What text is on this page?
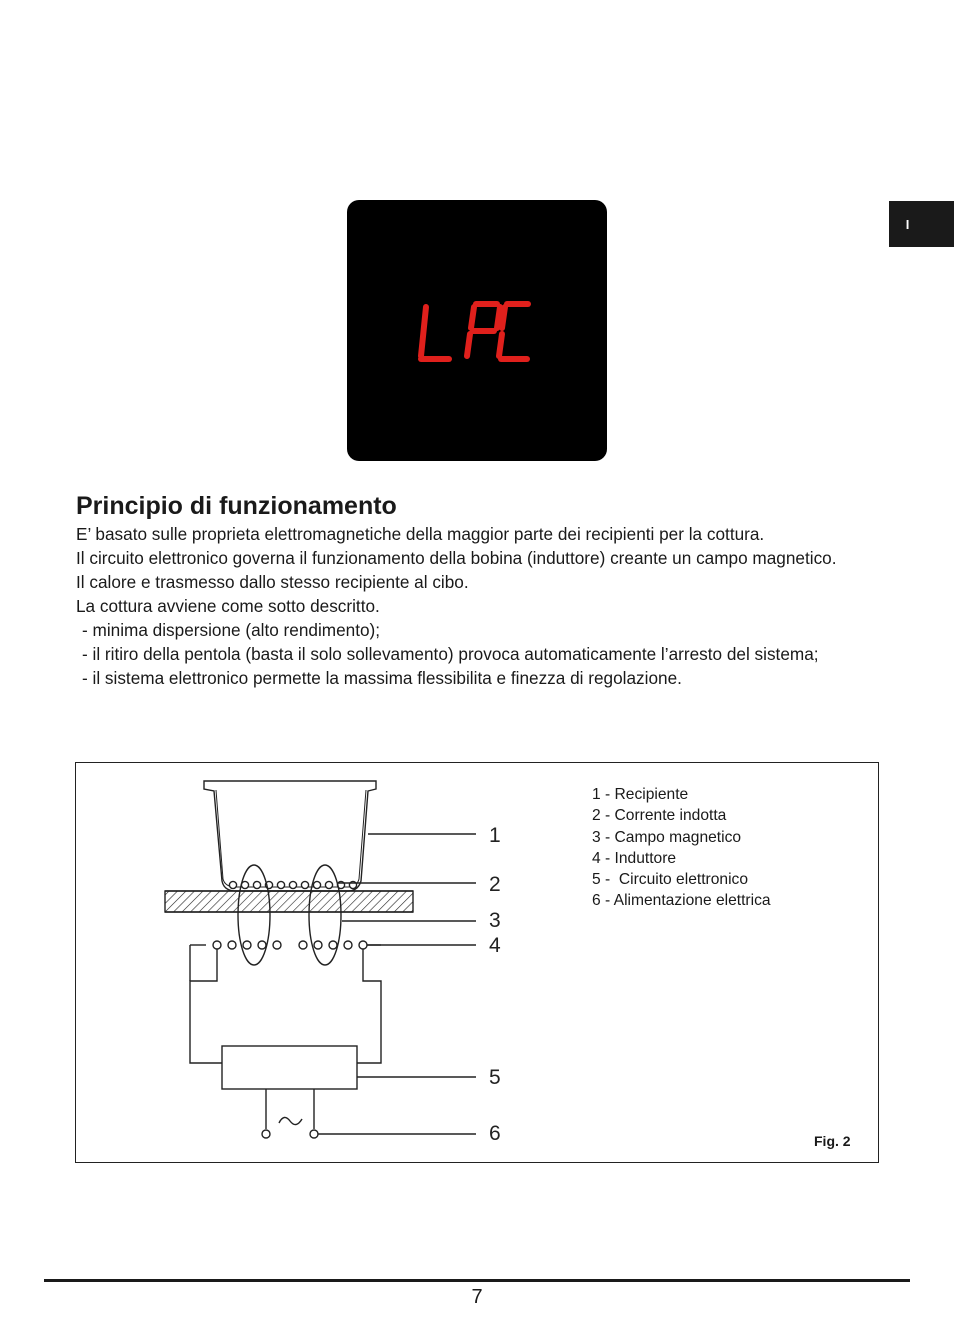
I
Principio di funzionamento

E’ basato sulle proprieta elettromagnetiche della maggior parte dei recipienti per la cottura.

Il circuito elettronico governa il funzionamento della bobina (induttore) creante un campo magnetico.

Il calore e trasmesso dallo stesso recipiente al cibo.

La cottura avviene come sotto descritto.

- minima dispersione (alto rendimento);

- il ritiro della pentola (basta il solo sollevamento) provoca automaticamente l’arresto del sistema;

- il sistema elettronico permette la massima flessibilita e finezza di regolazione.

1
2
3
4
5
6
1 - Recipiente
2 - Corrente indotta
3 - Campo magnetico
4 - Induttore
5 -  Circuito elettronico
6 - Alimentazione elettrica
Fig. 2
7
